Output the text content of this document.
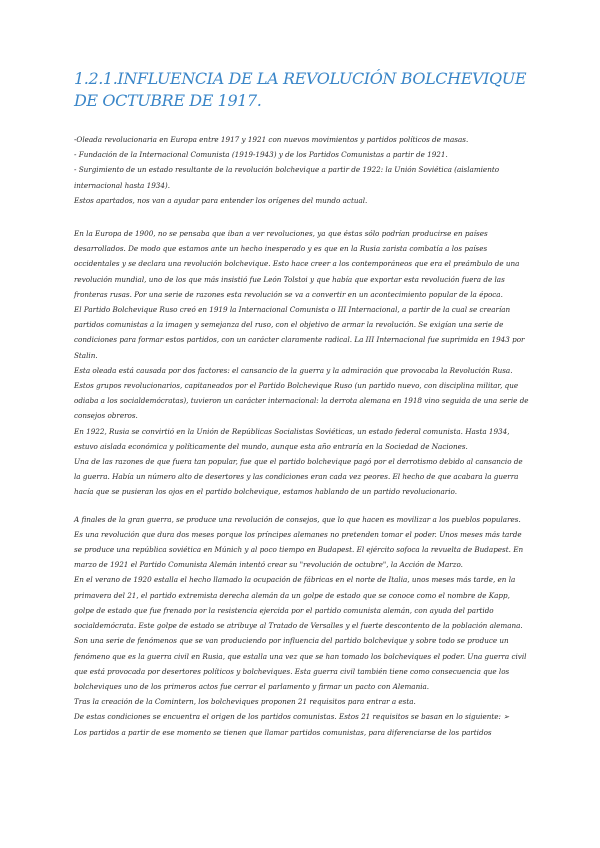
1.2.1.INFLUENCIA DE LA REVOLUCIÓN BOLCHEVIQUE DE OCTUBRE DE 1917.

-Oleada revolucionaria en Europa entre 1917 y 1921 con nuevos movimientos y partidos políticos de masas.

- Fundación de la Internacional Comunista (1919-1943) y de los Partidos Comunistas a partir de 1921.

- Surgimiento de un estado resultante de la revolución bolchevique a partir de 1922: la Unión Soviética (aislamiento internacional hasta 1934).

Estos apartados, nos van a ayudar para entender los orígenes del mundo actual.

En la Europa de 1900, no se pensaba que iban a ver revoluciones, ya que éstas sólo podrían producirse en países desarrollados. De modo que estamos ante un hecho inesperado y es que en la Rusia zarista combatía a los países occidentales y se declara una revolución bolchevique. Esto hace creer a los contemporáneos que era el preámbulo de una revolución mundial, uno de los que más insistió fue León Tolstoi y que había que exportar esta revolución fuera de las fronteras rusas. Por una serie de razones esta revolución se va a convertir en un acontecimiento popular de la época.

El Partido Bolchevique Ruso creó en 1919 la Internacional Comunista o III Internacional, a partir de la cual se crearían partidos comunistas a la imagen y semejanza del ruso, con el objetivo de armar la revolución. Se exigían una serie de condiciones para formar estos partidos, con un carácter claramente radical. La III Internacional fue suprimida en 1943 por Stalin.

Esta oleada está causada por dos factores: el cansancio de la guerra y la admiración que provocaba la Revolución Rusa. Estos grupos revolucionarios, capitaneados por el Partido Bolchevique Ruso (un partido nuevo, con disciplina militar, que odiaba a los socialdemócratas), tuvieron un carácter internacional: la derrota alemana en 1918 vino seguida de una serie de consejos obreros.

En 1922, Rusia se convirtió en la Unión de Repúblicas Socialistas Soviéticas, un estado federal comunista. Hasta 1934, estuvo aislada económica y políticamente del mundo, aunque esta año entraría en la Sociedad de Naciones.

Una de las razones de que fuera tan popular, fue que el partido bolchevique pagó por el derrotismo debido al cansancio de la guerra. Había un número alto de desertores y las condiciones eran cada vez peores. El hecho de que acabara la guerra hacía que se pusieran los ojos en el partido bolchevique, estamos hablando de un partido revolucionario.

A finales de la gran guerra, se produce una revolución de consejos, que lo que hacen es movilizar a los pueblos populares. Es una revolución que dura dos meses porque los príncipes alemanes no pretenden tomar el poder. Unos meses más tarde se produce una república soviética en Múnich y al poco tiempo en Budapest. El ejército sofoca la revuelta de Budapest. En marzo de 1921 el Partido Comunista Alemán intentó crear su "revolución de octubre", la Acción de Marzo.

En el verano de 1920 estalla el hecho llamado la ocupación de fábricas en el norte de Italia, unos meses más tarde, en la primavera del 21, el partido extremista derecha alemán da un golpe de estado que se conoce como el nombre de Kapp, golpe de estado que fue frenado por la resistencia ejercida por el partido comunista alemán, con ayuda del partido socialdemócrata. Este golpe de estado se atribuye al Tratado de Versalles y el fuerte descontento de la población alemana.

Son una serie de fenómenos que se van produciendo por influencia del partido bolchevique y sobre todo se produce un fenómeno que es la guerra civil en Rusia, que estalla una vez que se han tomado los bolcheviques el poder. Una guerra civil que está provocada por desertores políticos y bolcheviques. Esta guerra civil también tiene como consecuencia que los bolcheviques uno de los primeros actos fue cerrar el parlamento y firmar un pacto con Alemania.

Tras la creación de la Comintern, los bolcheviques proponen 21 requisitos para entrar a esta.

De estas condiciones se encuentra el origen de los partidos comunistas. Estos 21 requisitos se basan en lo siguiente: ➢

Los partidos a partir de ese momento se tienen que llamar partidos comunistas, para diferenciarse de los partidos
